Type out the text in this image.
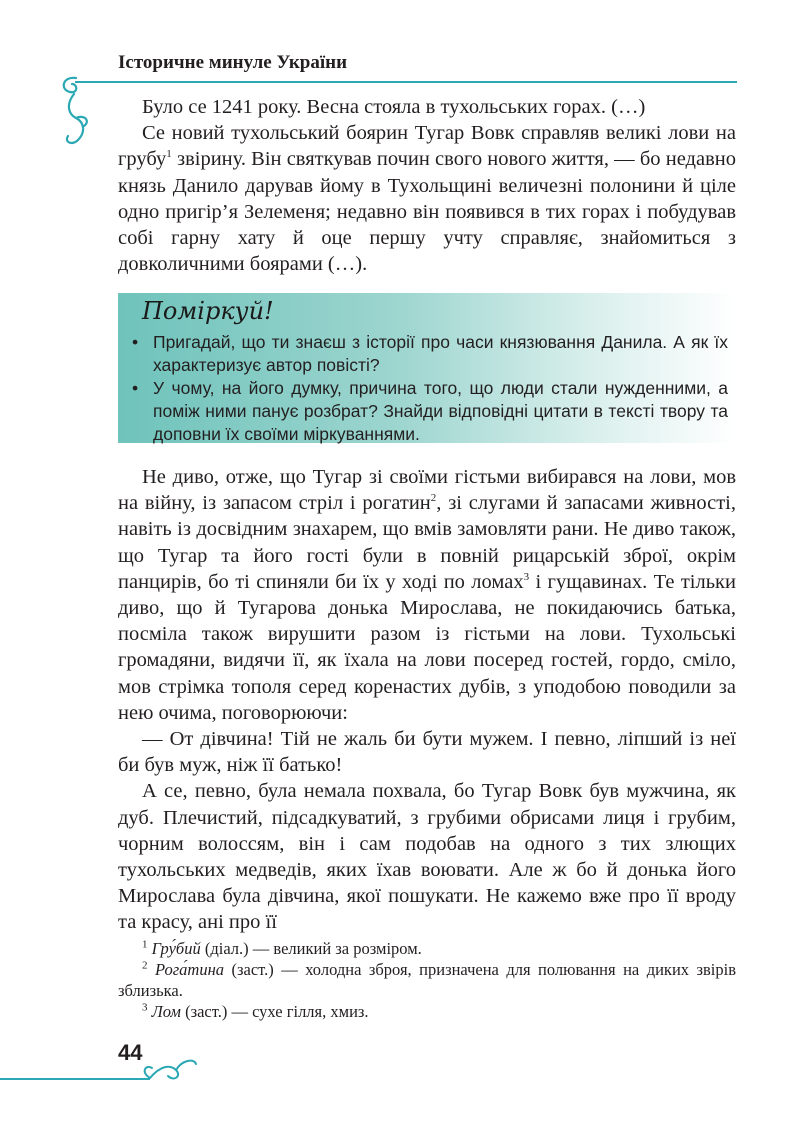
Історичне минуле України

Було се 1241 року. Весна стояла в тухольських горах. (…)

Се новий тухольський боярин Тугар Вовк справляв великі лови на грубу$^1$ звірину. Він святкував почин свого нового життя, — бо недавно князь Данило дарував йому в Тухольщині величезні полонини й ціле одно пригір’я Зелеменя; недавно він появився в тих горах і побудував собі гарну хату й оце першу учту справляє, знайомиться з довколичними боярами (…).

Поміркуй!
• Пригадай, що ти знаєш з історії про часи князювання Данила. А як їх характеризує автор повісті?
• У чому, на його думку, причина того, що люди стали нужденними, а поміж ними панує розбрат? Знайди відповідні цитати в тексті твору та доповни їх своїми міркуваннями.

Не диво, отже, що Тугар зі своїми гістьми вибирався на лови, мов на війну, із запасом стріл і рогатин$^2$, зі слугами й запасами живності, навіть із досвідним знахарем, що вмів замовляти рани. Не диво також, що Тугар та його гості були в повній рицарській зброї, окрім панцирів, бо ті спиняли би їх у ході по ломах$^3$ і гущавинах. Те тільки диво, що й Тугарова донька Мирослава, не покидаючись батька, посміла також вирушити разом із гістьми на лови. Тухольські громадяни, видячи її, як їхала на лови посеред гостей, гордо, сміло, мов стрімка тополя серед коренастих дубів, з уподобою поводили за нею очима, поговорюючи:

— От дівчина! Тій не жаль би бути мужем. І певно, ліпший із неї би був муж, ніж її батько!

А се, певно, була немала похвала, бо Тугар Вовк був мужчина, як дуб. Плечистий, підсадкуватий, з грубими обрисами лиця і грубим, чорним волоссям, він і сам подобав на одного з тих злющих тухольських медведів, яких їхав воювати. Але ж бо й донька його Мирослава була дівчина, якої пошукати. Не кажемо вже про її вроду та красу, ані про її

$^1$ Гру́бий (діал.) — великий за розміром.

$^2$ Рога́тина (заст.) — холодна зброя, призначена для полювання на диких звірів зблизька.

$^3$ Лом (заст.) — сухе гілля, хмиз.

44
